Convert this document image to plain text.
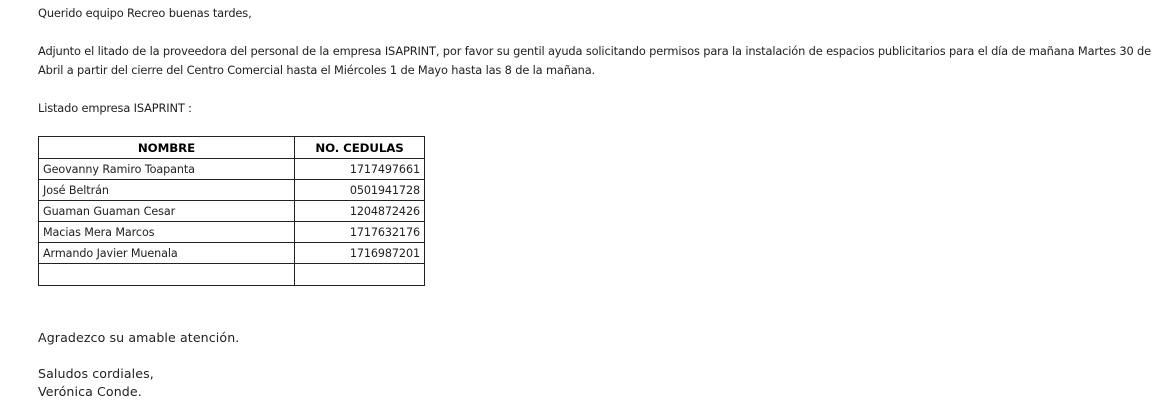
Querido equipo Recreo buenas tardes,

Adjunto el litado de la proveedora del personal de la empresa ISAPRINT, por favor su gentil ayuda solicitando permisos para la instalación de espacios publicitarios para el día de mañana Martes 30 de Abril a partir del cierre del Centro Comercial hasta el Miércoles 1 de Mayo hasta las 8 de la mañana.

Listado empresa ISAPRINT :

NOMBRE	NO. CEDULAS
Geovanny Ramiro Toapanta	1717497661
José Beltrán	0501941728
Guaman Guaman Cesar	1204872426
Macias Mera Marcos	1717632176
Armando Javier Muenala	1716987201

Agradezco su amable atención.

Saludos cordiales,

Verónica Conde.
